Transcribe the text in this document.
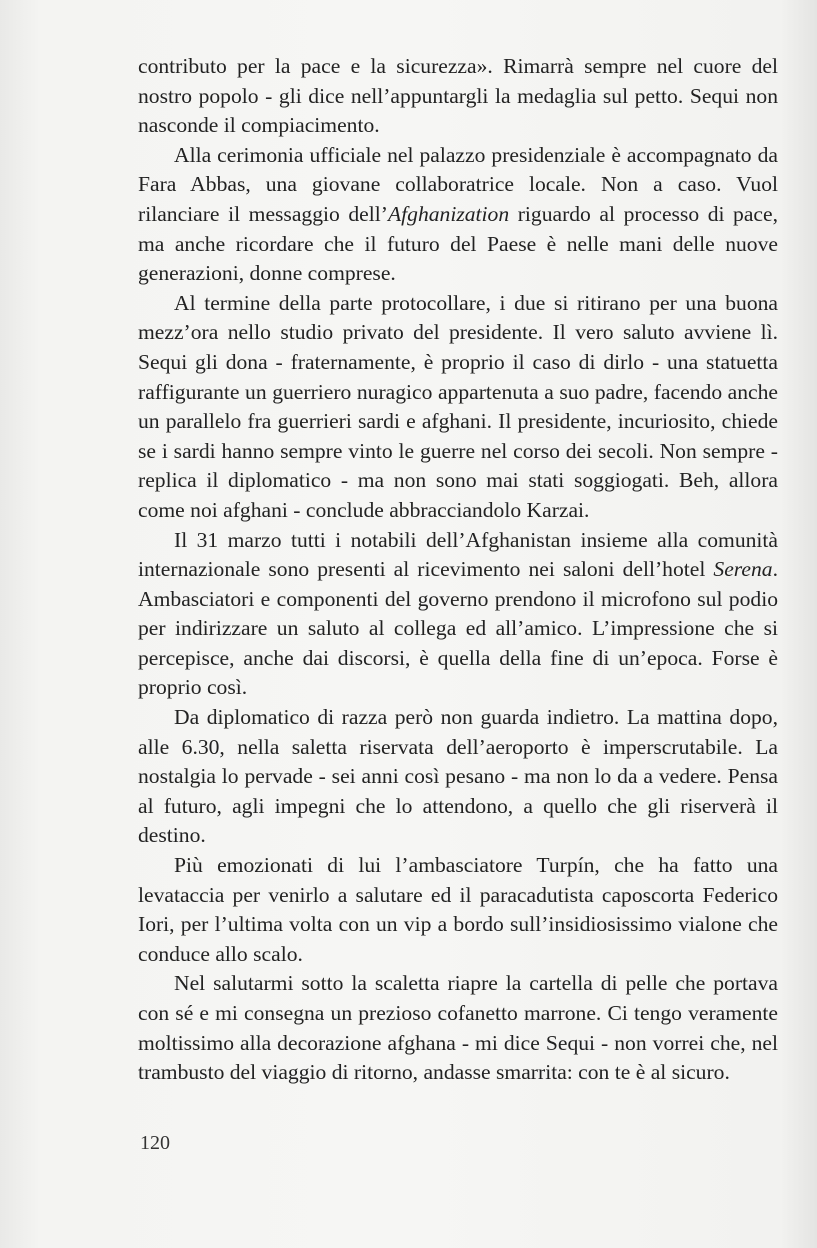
contributo per la pace e la sicurezza». Rimarrà sempre nel cuore del nostro popolo - gli dice nell’appuntargli la medaglia sul petto. Sequi non nasconde il compiacimento.

Alla cerimonia ufficiale nel palazzo presidenziale è accompagnato da Fara Abbas, una giovane collaboratrice locale. Non a caso. Vuol rilanciare il messaggio dell’Afghanization riguardo al processo di pace, ma anche ricordare che il futuro del Paese è nelle mani delle nuove generazioni, donne comprese.

Al termine della parte protocollare, i due si ritirano per una buona mezz’ora nello studio privato del presidente. Il vero saluto avviene lì. Sequi gli dona - fraternamente, è proprio il caso di dirlo - una statuetta raffigurante un guerriero nuragico appartenuta a suo padre, facendo anche un parallelo fra guerrieri sardi e afghani. Il presidente, incuriosito, chiede se i sardi hanno sempre vinto le guerre nel corso dei secoli. Non sempre - replica il diplomatico - ma non sono mai stati soggiogati. Beh, allora come noi afghani - conclude abbracciandolo Karzai.

Il 31 marzo tutti i notabili dell’Afghanistan insieme alla comunità internazionale sono presenti al ricevimento nei saloni dell’hotel Serena. Ambasciatori e componenti del governo prendono il microfono sul podio per indirizzare un saluto al collega ed all’amico. L’impressione che si percepisce, anche dai discorsi, è quella della fine di un’epoca. Forse è proprio così.

Da diplomatico di razza però non guarda indietro. La mattina dopo, alle 6.30, nella saletta riservata dell’aeroporto è imperscrutabile. La nostalgia lo pervade - sei anni così pesano - ma non lo da a vedere. Pensa al futuro, agli impegni che lo attendono, a quello che gli riserverà il destino.

Più emozionati di lui l’ambasciatore Turpín, che ha fatto una levataccia per venirlo a salutare ed il paracadutista caposcorta Federico Iori, per l’ultima volta con un vip a bordo sull’insidiosissimo vialone che conduce allo scalo.

Nel salutarmi sotto la scaletta riapre la cartella di pelle che portava con sé e mi consegna un prezioso cofanetto marrone. Ci tengo veramente moltissimo alla decorazione afghana - mi dice Sequi - non vorrei che, nel trambusto del viaggio di ritorno, andasse smarrita: con te è al sicuro.

120
